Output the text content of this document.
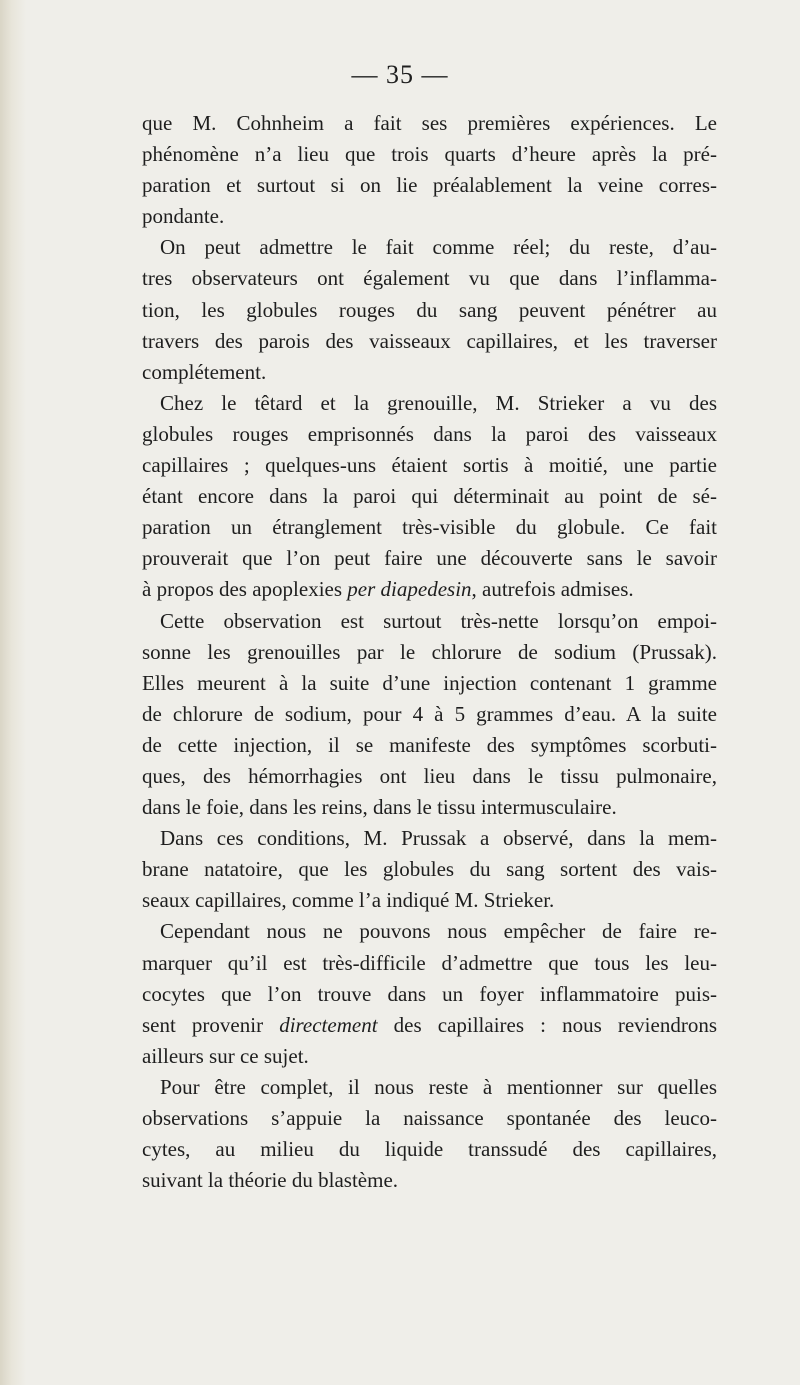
— 35 —
que M. Cohnheim a fait ses premières expériences. Le
phénomène n’a lieu que trois quarts d’heure après la pré-
paration et surtout si on lie préalablement la veine corres-
pondante.
On peut admettre le fait comme réel; du reste, d’au-
tres observateurs ont également vu que dans l’inflamma-
tion, les globules rouges du sang peuvent pénétrer au
travers des parois des vaisseaux capillaires, et les traverser
complétement.
Chez le têtard et la grenouille, M. Strieker a vu des
globules rouges emprisonnés dans la paroi des vaisseaux
capillaires ; quelques-uns étaient sortis à moitié, une partie
étant encore dans la paroi qui déterminait au point de sé-
paration un étranglement très-visible du globule. Ce fait
prouverait que l’on peut faire une découverte sans le savoir
à propos des apoplexies per diapedesin, autrefois admises.
Cette observation est surtout très-nette lorsqu’on empoi-
sonne les grenouilles par le chlorure de sodium (Prussak).
Elles meurent à la suite d’une injection contenant 1 gramme
de chlorure de sodium, pour 4 à 5 grammes d’eau. A la suite
de cette injection, il se manifeste des symptômes scorbuti-
ques, des hémorrhagies ont lieu dans le tissu pulmonaire,
dans le foie, dans les reins, dans le tissu intermusculaire.
Dans ces conditions, M. Prussak a observé, dans la mem-
brane natatoire, que les globules du sang sortent des vais-
seaux capillaires, comme l’a indiqué M. Strieker.
Cependant nous ne pouvons nous empêcher de faire re-
marquer qu’il est très-difficile d’admettre que tous les leu-
cocytes que l’on trouve dans un foyer inflammatoire puis-
sent provenir directement des capillaires : nous reviendrons
ailleurs sur ce sujet.
Pour être complet, il nous reste à mentionner sur quelles
observations s’appuie la naissance spontanée des leuco-
cytes, au milieu du liquide transsudé des capillaires,
suivant la théorie du blastème.
